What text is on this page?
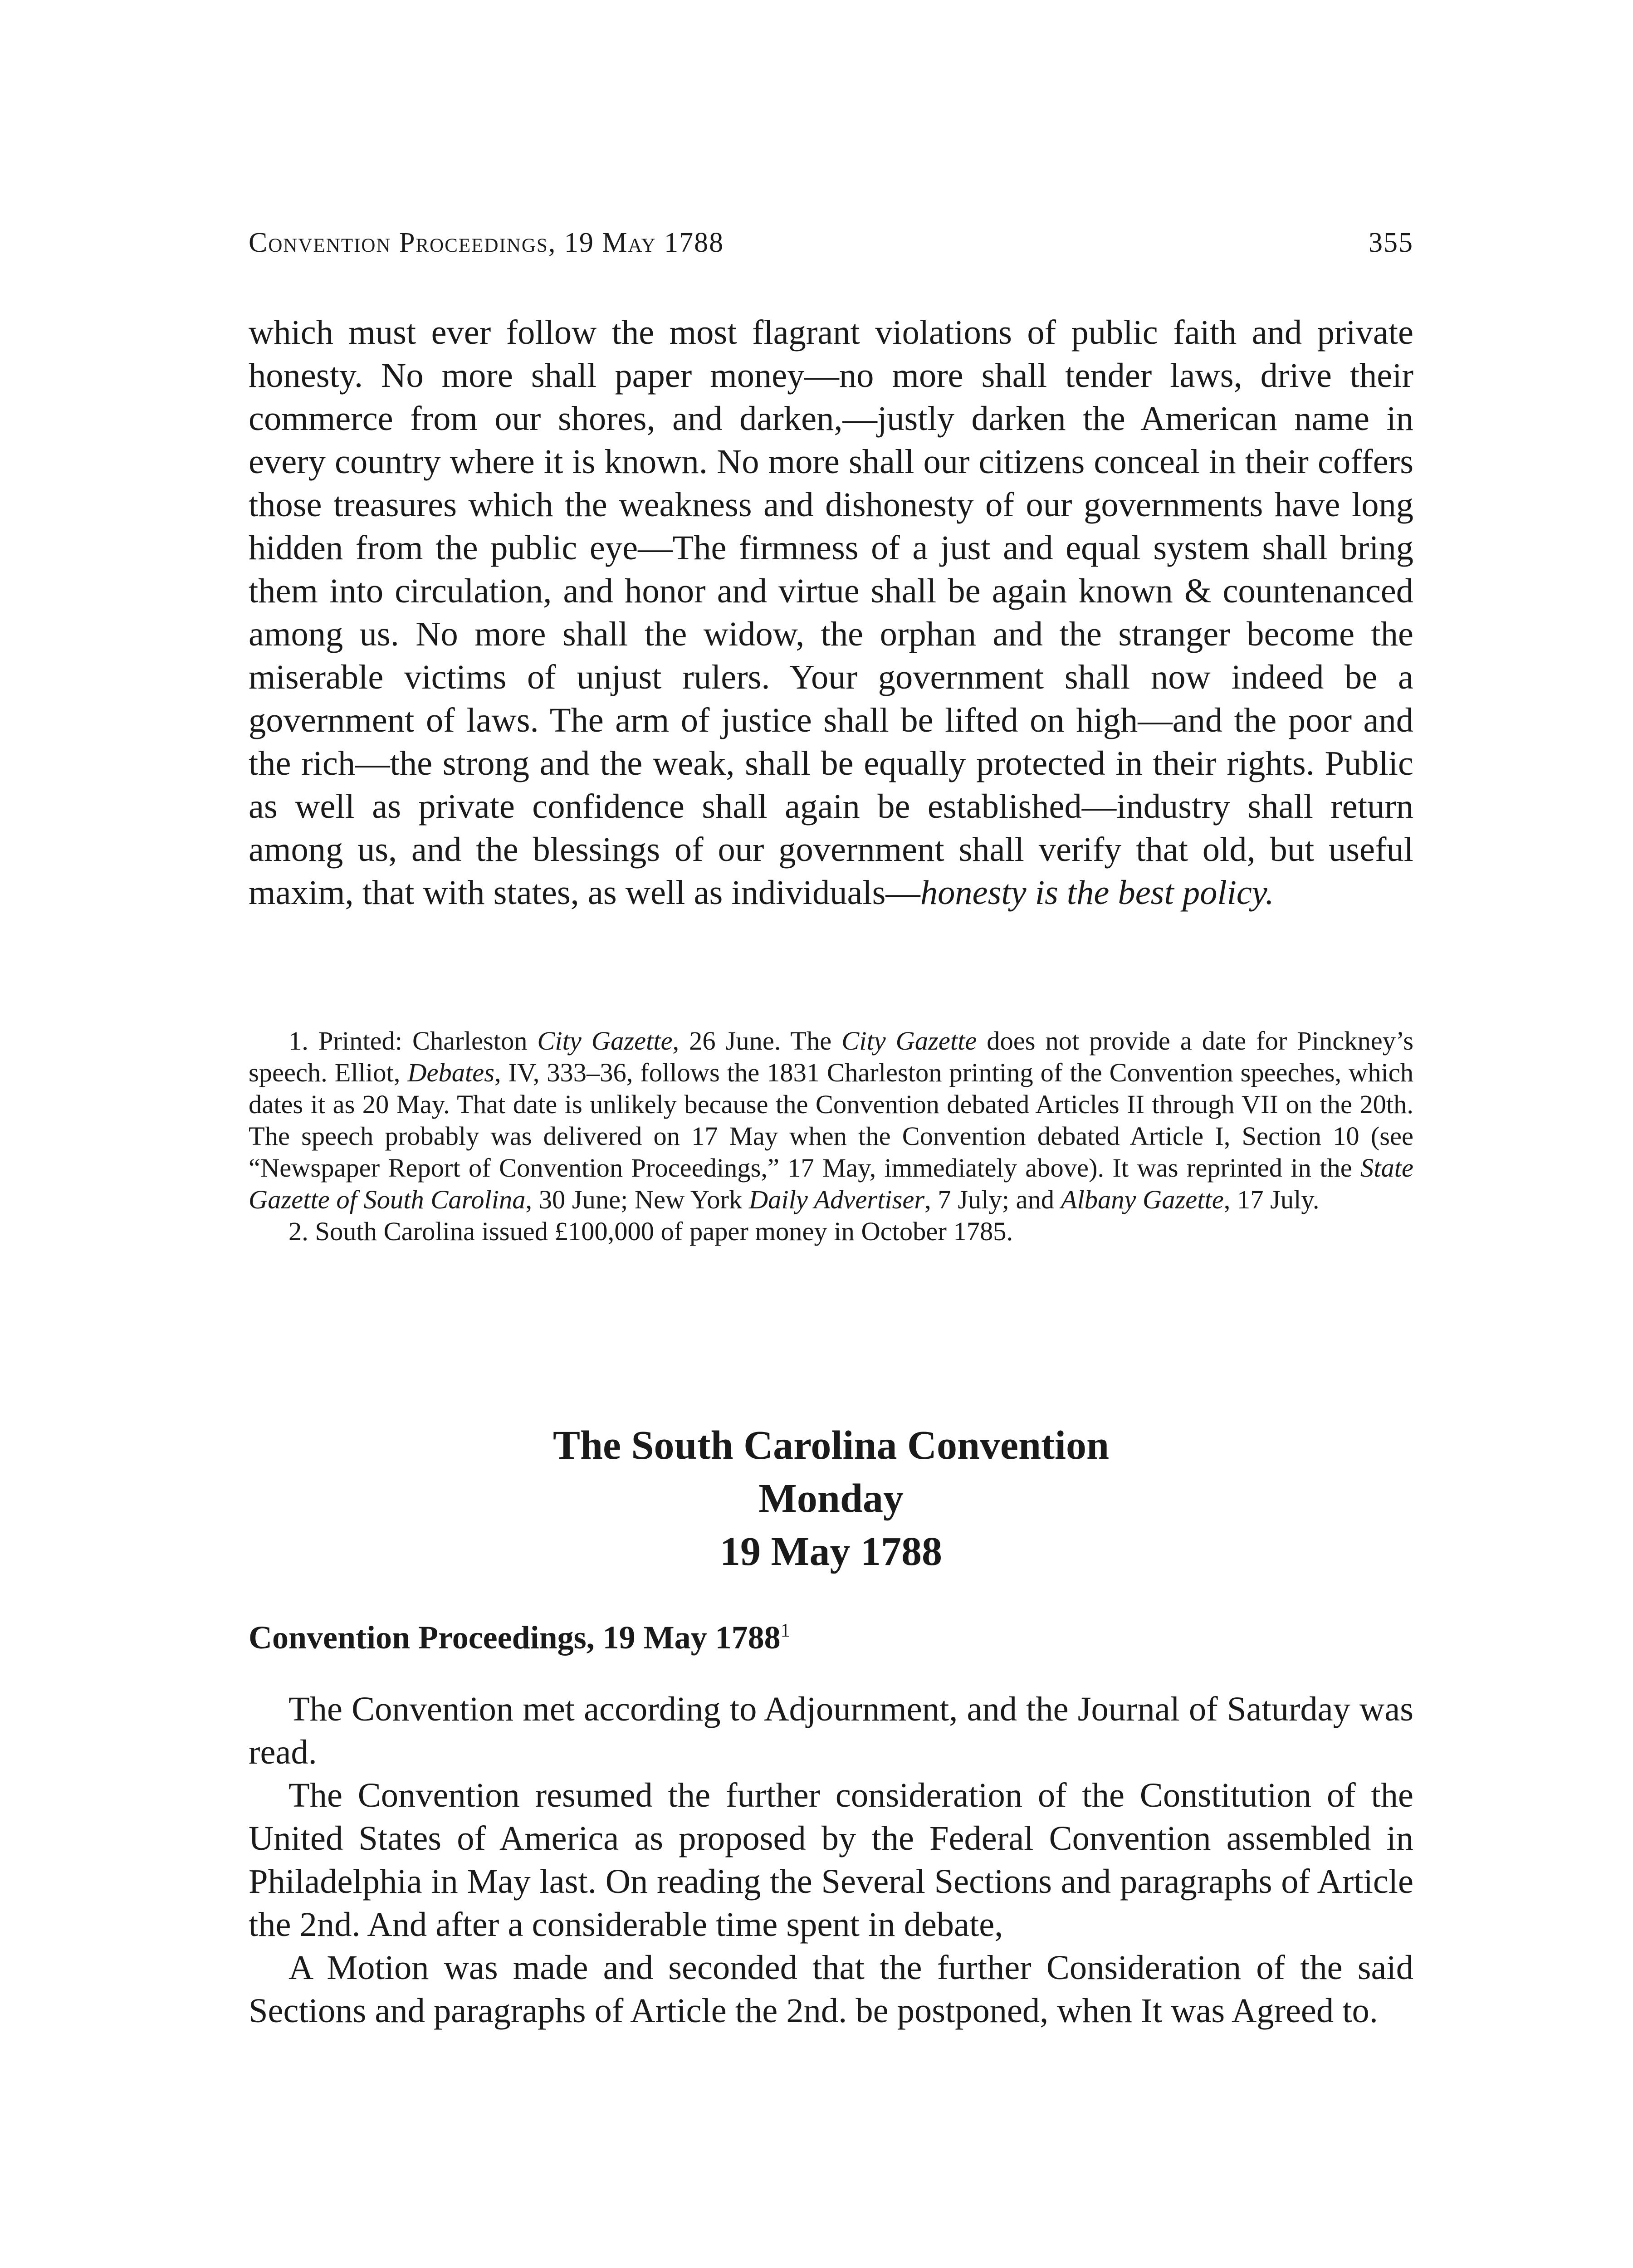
Convention Proceedings, 19 May 1788	355

which must ever follow the most flagrant violations of public faith and private honesty. No more shall paper money—no more shall tender laws, drive their commerce from our shores, and darken,—justly darken the American name in every country where it is known. No more shall our citizens conceal in their coffers those treasures which the weakness and dishonesty of our governments have long hidden from the public eye—The firmness of a just and equal system shall bring them into circulation, and honor and virtue shall be again known & countenanced among us. No more shall the widow, the orphan and the stranger become the miserable victims of unjust rulers. Your government shall now indeed be a government of laws. The arm of justice shall be lifted on high—and the poor and the rich—the strong and the weak, shall be equally protected in their rights. Public as well as private confidence shall again be established—industry shall return among us, and the blessings of our government shall verify that old, but useful maxim, that with states, as well as individuals—honesty is the best policy.

1. Printed: Charleston City Gazette, 26 June. The City Gazette does not provide a date for Pinckney’s speech. Elliot, Debates, IV, 333–36, follows the 1831 Charleston printing of the Convention speeches, which dates it as 20 May. That date is unlikely because the Convention debated Articles II through VII on the 20th. The speech probably was delivered on 17 May when the Convention debated Article I, Section 10 (see “Newspaper Report of Convention Proceedings,” 17 May, immediately above). It was reprinted in the State Gazette of South Carolina, 30 June; New York Daily Advertiser, 7 July; and Albany Gazette, 17 July.

2. South Carolina issued £100,000 of paper money in October 1785.

The South Carolina Convention
Monday
19 May 1788
Convention Proceedings, 19 May 1788$^1$

The Convention met according to Adjournment, and the Journal of Saturday was read.

The Convention resumed the further consideration of the Constitution of the United States of America as proposed by the Federal Convention assembled in Philadelphia in May last. On reading the Several Sections and paragraphs of Article the 2nd. And after a considerable time spent in debate,

A Motion was made and seconded that the further Consideration of the said Sections and paragraphs of Article the 2nd. be postponed, when It was Agreed to.
